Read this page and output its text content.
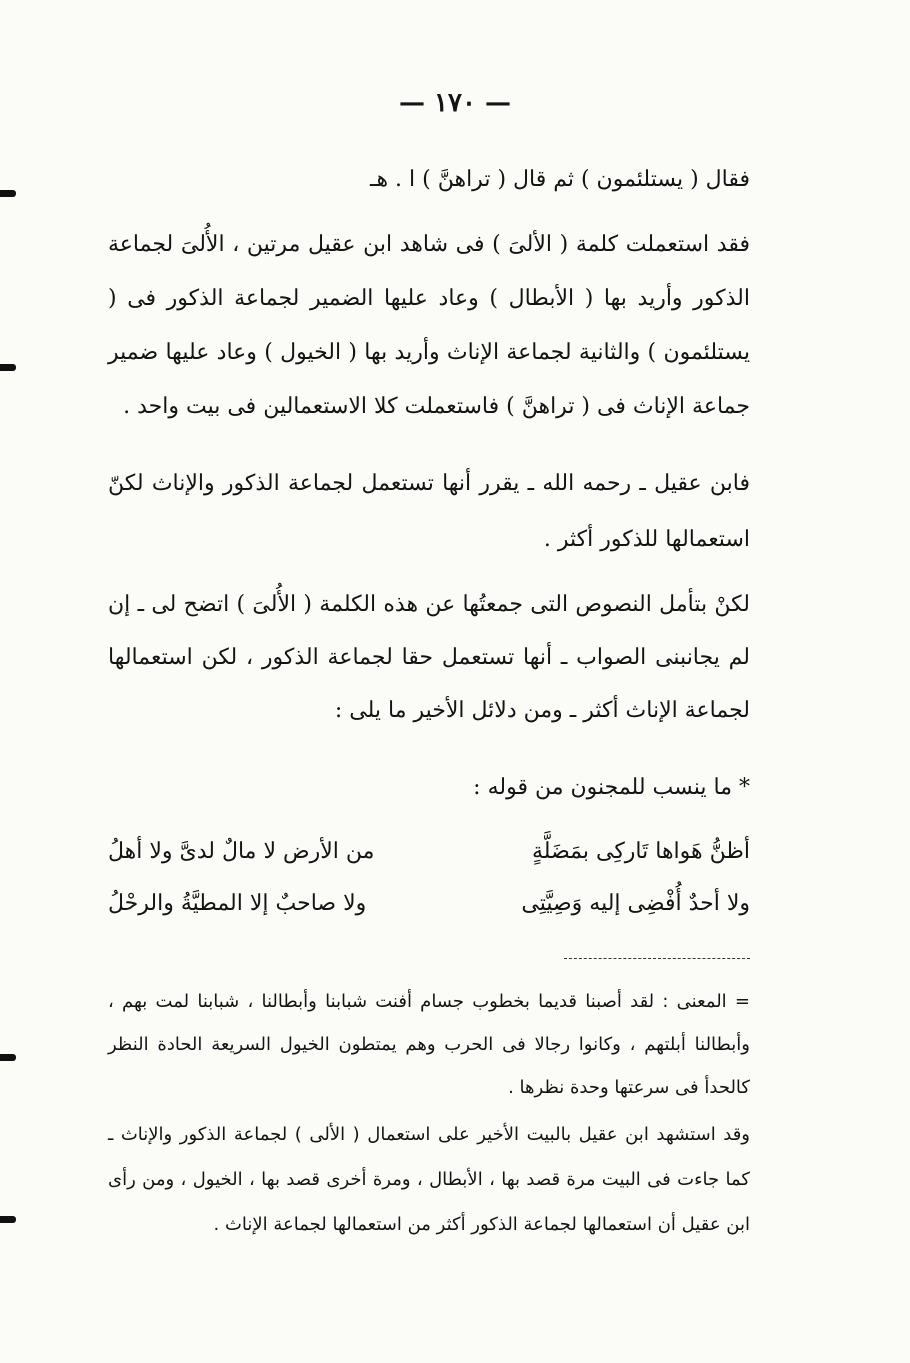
— ١٧٠ —

فقال ( يستلئمون ) ثم قال ( تراهنَّ ) ا . هـ

فقد استعملت كلمة ( الألىَ ) فى شاهد ابن عقيل مرتين ، الأُلىَ لجماعة الذكور وأريد بها ( الأبطال ) وعاد عليها الضمير لجماعة الذكور فى ( يستلئمون ) والثانية لجماعة الإناث وأريد بها ( الخيول ) وعاد عليها ضمير جماعة الإناث فى ( تراهنَّ ) فاستعملت كلا الاستعمالين فى بيت واحد .

فابن عقيل ـ رحمه الله ـ يقرر أنها تستعمل لجماعة الذكور والإناث لكنّ استعمالها للذكور أكثر .

لكنْ بتأمل النصوص التى جمعتُها عن هذه الكلمة ( الأُلىَ ) اتضح لى ـ إن لم يجانبنى الصواب ـ أنها تستعمل حقا لجماعة الذكور ، لكن استعمالها لجماعة الإناث أكثر ـ ومن دلائل الأخير ما يلى :

* ما ينسب للمجنون من قوله :

أظنُّ هَواها تَاركِى بمَضَلَّةٍ
من الأرض لا مالٌ لدىَّ ولا أهلُ
ولا أحدٌ أُفْضِى إليه وَصِيَّتِى
ولا صاحبٌ إلا المطيَّةُ والرحْلُ

= المعنى : لقد أصبنا قديما بخطوب جسام أفنت شبابنا وأبطالنا ، شبابنا لمت بهم ، وأبطالنا أبلتهم ، وكانوا رجالا فى الحرب وهم يمتطون الخيول السريعة الحادة النظر كالحدأ فى سرعتها وحدة نظرها .

وقد استشهد ابن عقيل بالبيت الأخير على استعمال ( الألى ) لجماعة الذكور والإناث ـ كما جاءت فى البيت مرة قصد بها ، الأبطال ، ومرة أخرى قصد بها ، الخيول ، ومن رأى ابن عقيل أن استعمالها لجماعة الذكور أكثر من استعمالها لجماعة الإناث .
